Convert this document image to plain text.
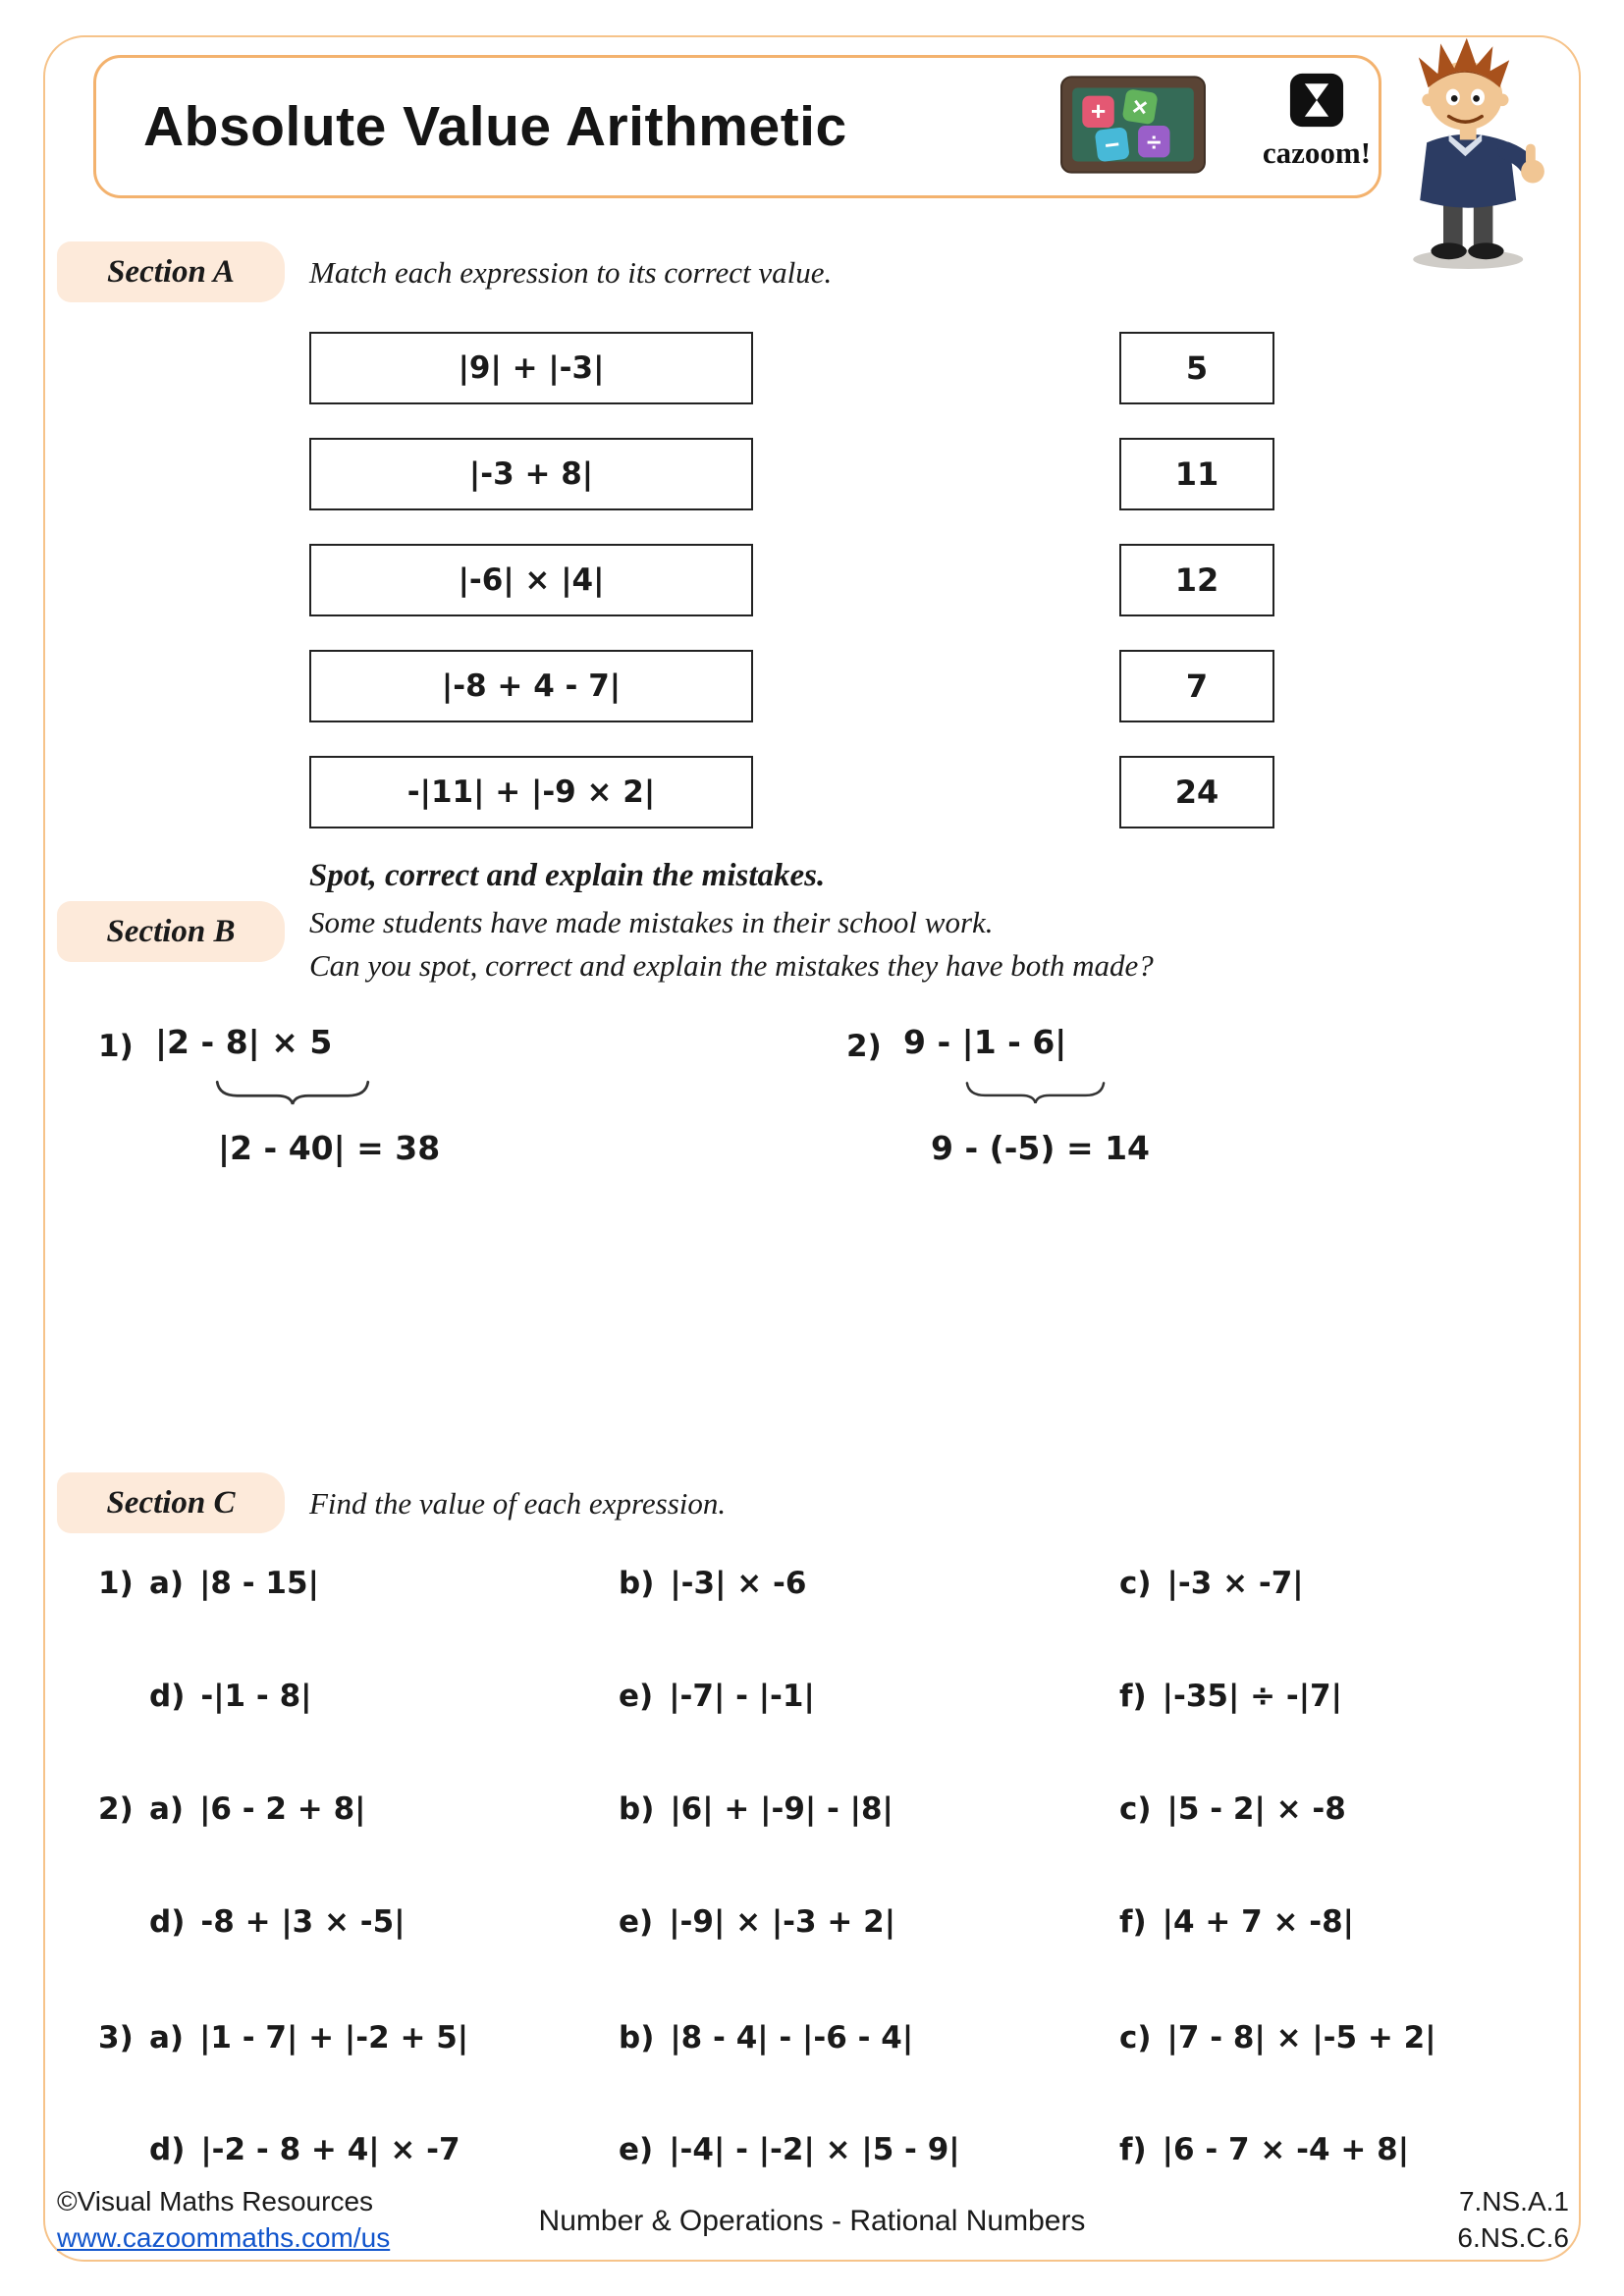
Absolute Value Arithmetic	+ ×
− ÷	cazoom!
Section A	Match each expression to its correct value.
|9| + |-3|	5
|-3 + 8|	11
|-6| × |4|	12
|-8 + 4 - 7|	7
-|11| + |-9 × 2|	24
Section B
Spot, correct and explain the mistakes.
Some students have made mistakes in their school work.
Can you spot, correct and explain the mistakes they have both made?
1) |2 - 8| × 5
|2 - 40| = 38
2) 9 - |1 - 6|
9 - (-5) = 14
Section C	Find the value of each expression.
1) a) |8 - 15|	b) |-3| × -6	c) |-3 × -7|
d) -|1 - 8|	e) |-7| - |-1|	f) |-35| ÷ -|7|
2) a) |6 - 2 + 8|	b) |6| + |-9| - |8|	c) |5 - 2| × -8
d) -8 + |3 × -5|	e) |-9| × |-3 + 2|	f) |4 + 7 × -8|
3) a) |1 - 7| + |-2 + 5|	b) |8 - 4| - |-6 - 4|	c) |7 - 8| × |-5 + 2|
d) |-2 - 8 + 4| × -7	e) |-4| - |-2| × |5 - 9|	f) |6 - 7 × -4 + 8|
©Visual Maths Resources
www.cazoommaths.com/us
Number & Operations - Rational Numbers
7.NS.A.1
6.NS.C.6
